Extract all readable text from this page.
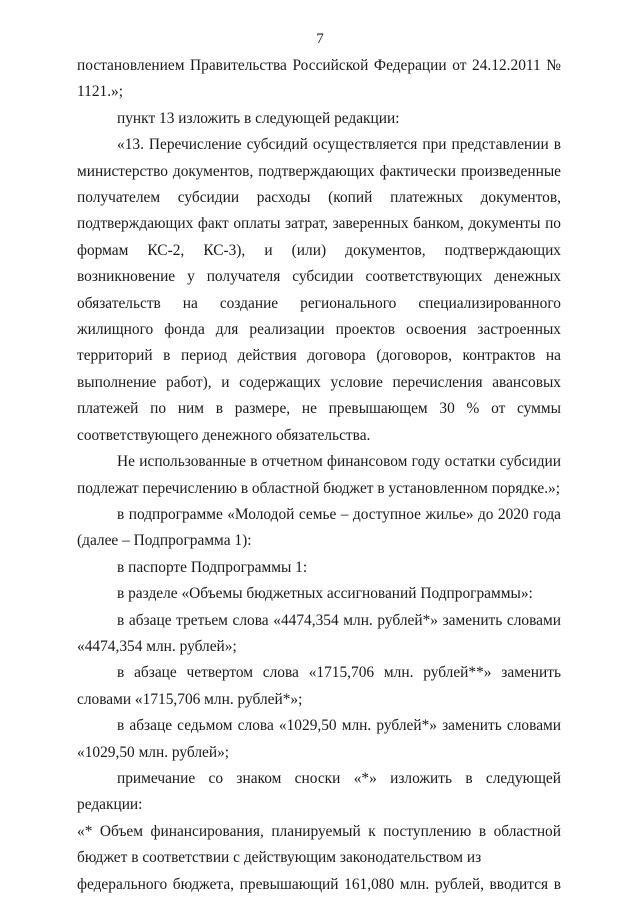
7

постановлением Правительства Российской Федерации от 24.12.2011 № 1121.»;

пункт 13 изложить в следующей редакции:

«13. Перечисление субсидий осуществляется при представлении в министерство документов, подтверждающих фактически произведенные получателем субсидии расходы (копий платежных документов, подтверждающих факт оплаты затрат, заверенных банком, документы по формам КС-2, КС-3), и (или) документов, подтверждающих возникновение у получателя субсидии соответствующих денежных обязательств на создание регионального специализированного жилищного фонда для реализации проектов освоения застроенных территорий в период действия договора (договоров, контрактов на выполнение работ), и содержащих условие перечисления авансовых платежей по ним в размере, не превышающем 30 % от суммы соответствующего денежного обязательства.

Не использованные в отчетном финансовом году остатки субсидии подлежат перечислению в областной бюджет в установленном порядке.»;

в подпрограмме «Молодой семье – доступное жилье» до 2020 года (далее – Подпрограмма 1):

в паспорте Подпрограммы 1:

в разделе «Объемы бюджетных ассигнований Подпрограммы»:

в абзаце третьем слова «4474,354 млн. рублей*» заменить словами «4474,354 млн. рублей»;

в абзаце четвертом слова «1715,706 млн. рублей**» заменить словами «1715,706 млн. рублей*»;

в абзаце седьмом слова «1029,50 млн. рублей*» заменить словами «1029,50 млн. рублей»;

примечание со знаком сноски «*» изложить в следующей редакции:

«* Объем финансирования, планируемый к поступлению в областной бюджет в соответствии с действующим законодательством из

федерального бюджета, превышающий 161,080 млн. рублей, вводится в
